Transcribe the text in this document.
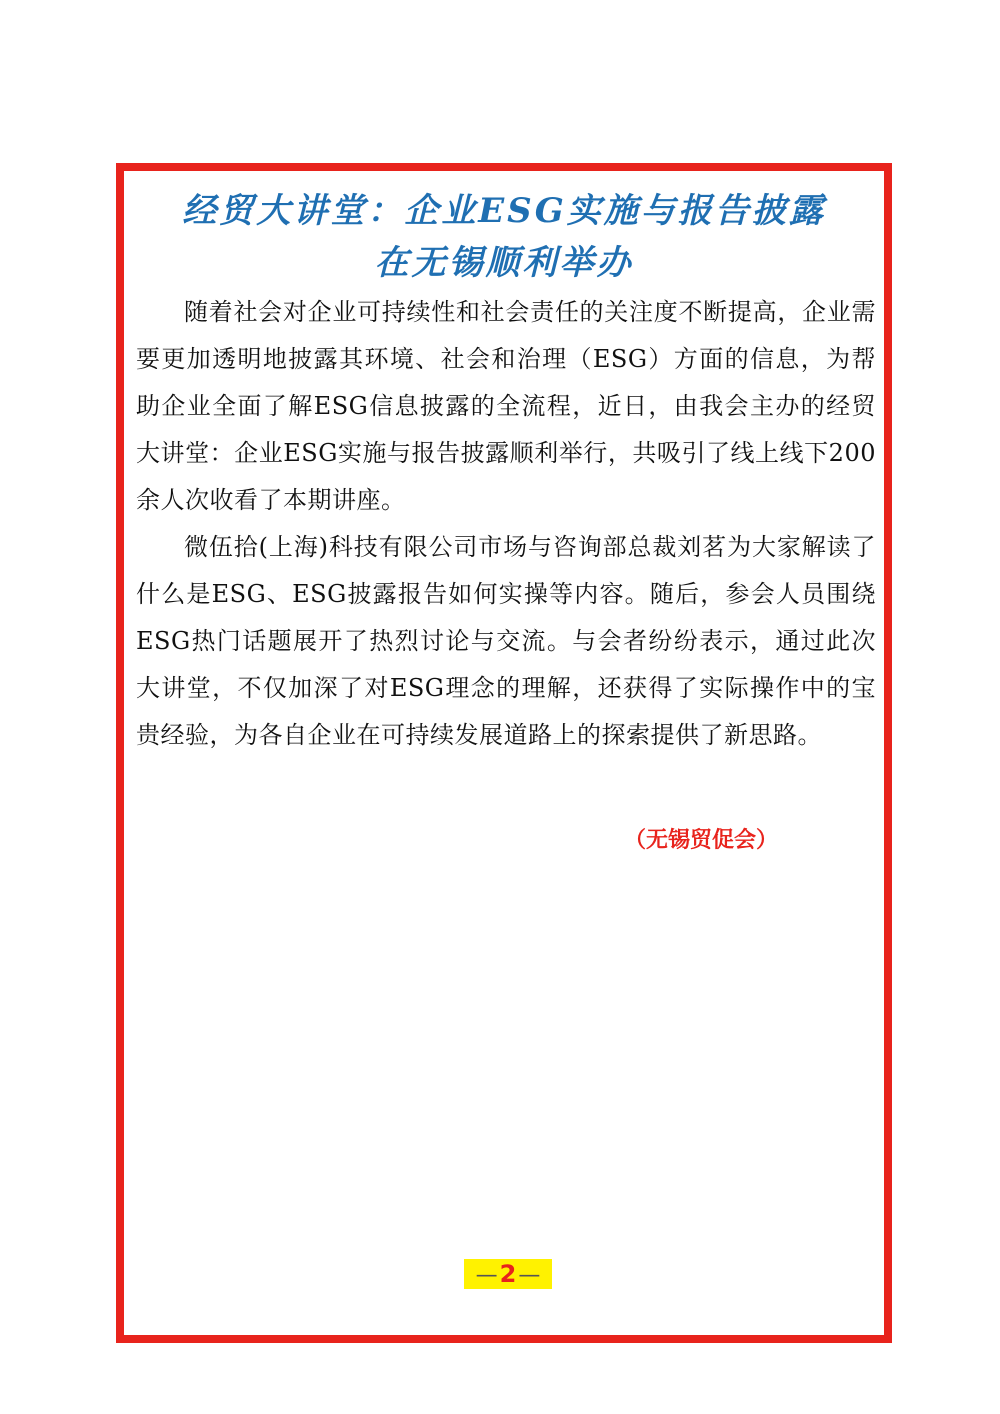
经贸大讲堂：企业ESG实施与报告披露
在无锡顺利举办

随着社会对企业可持续性和社会责任的关注度不断提高，企业需要更加透明地披露其环境、社会和治理（ESG）方面的信息，为帮助企业全面了解ESG信息披露的全流程，近日，由我会主办的经贸大讲堂：企业ESG实施与报告披露顺利举行，共吸引了线上线下200余人次收看了本期讲座。

微伍拾(上海)科技有限公司市场与咨询部总裁刘茗为大家解读了什么是ESG、ESG披露报告如何实操等内容。随后，参会人员围绕ESG热门话题展开了热烈讨论与交流。与会者纷纷表示，通过此次大讲堂，不仅加深了对ESG理念的理解，还获得了实际操作中的宝贵经验，为各自企业在可持续发展道路上的探索提供了新思路。

（无锡贸促会）
—2—
